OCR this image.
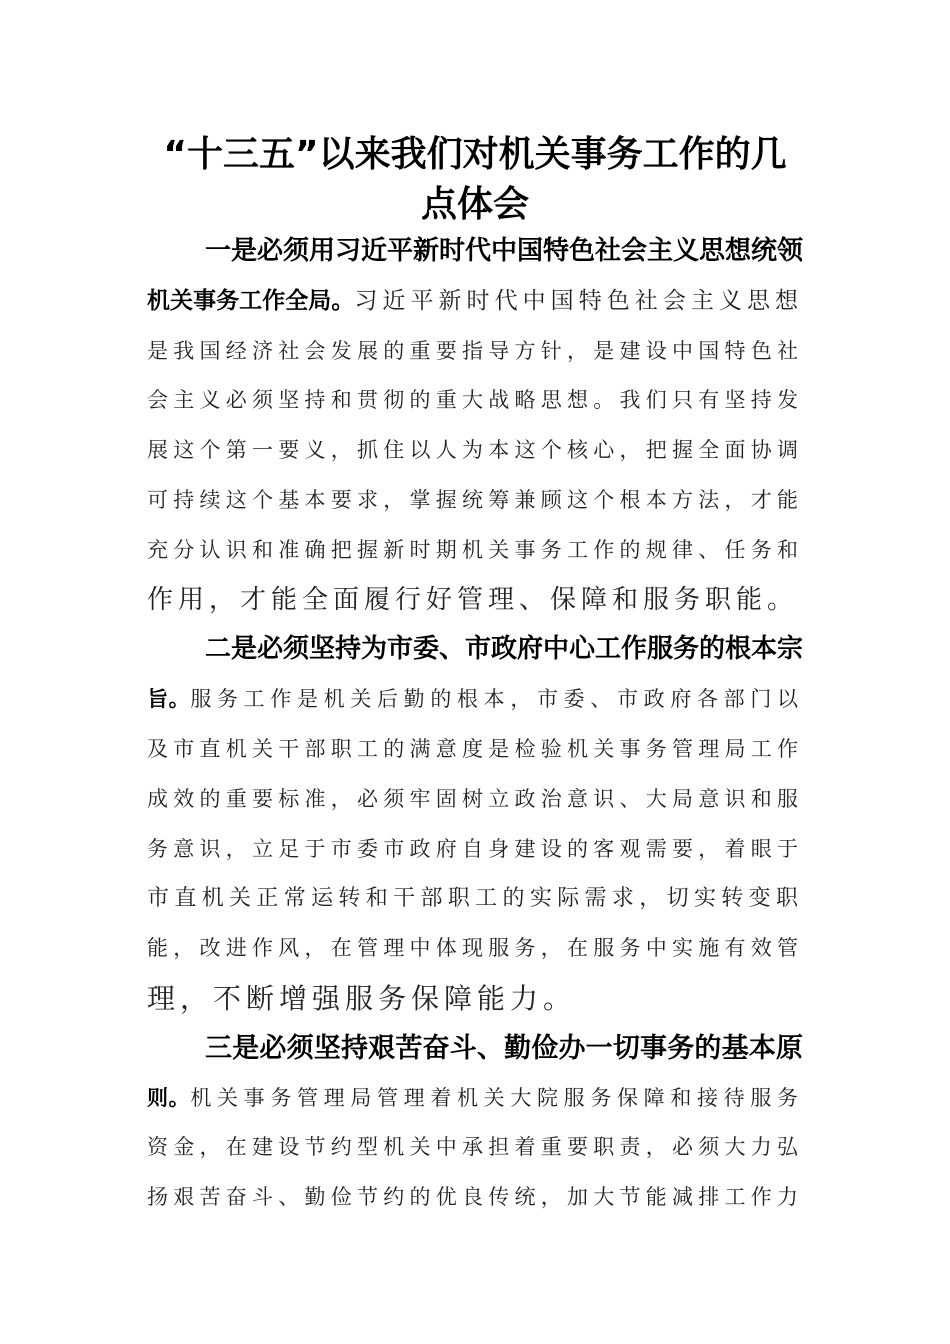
“十三五”以来我们对机关事务工作的几
点体会
一是必须用习近平新时代中国特色社会主义思想统领
机关事务工作全局。习近平新时代中国特色社会主义思想
是我国经济社会发展的重要指导方针，是建设中国特色社
会主义必须坚持和贯彻的重大战略思想。我们只有坚持发
展这个第一要义，抓住以人为本这个核心，把握全面协调
可持续这个基本要求，掌握统筹兼顾这个根本方法，才能
充分认识和准确把握新时期机关事务工作的规律、任务和
作用，才能全面履行好管理、保障和服务职能。
二是必须坚持为市委、市政府中心工作服务的根本宗
旨。服务工作是机关后勤的根本，市委、市政府各部门以
及市直机关干部职工的满意度是检验机关事务管理局工作
成效的重要标准，必须牢固树立政治意识、大局意识和服
务意识，立足于市委市政府自身建设的客观需要，着眼于
市直机关正常运转和干部职工的实际需求，切实转变职
能，改进作风，在管理中体现服务，在服务中实施有效管
理，不断增强服务保障能力。
三是必须坚持艰苦奋斗、勤俭办一切事务的基本原
则。机关事务管理局管理着机关大院服务保障和接待服务
资金，在建设节约型机关中承担着重要职责，必须大力弘
扬艰苦奋斗、勤俭节约的优良传统，加大节能减排工作力
